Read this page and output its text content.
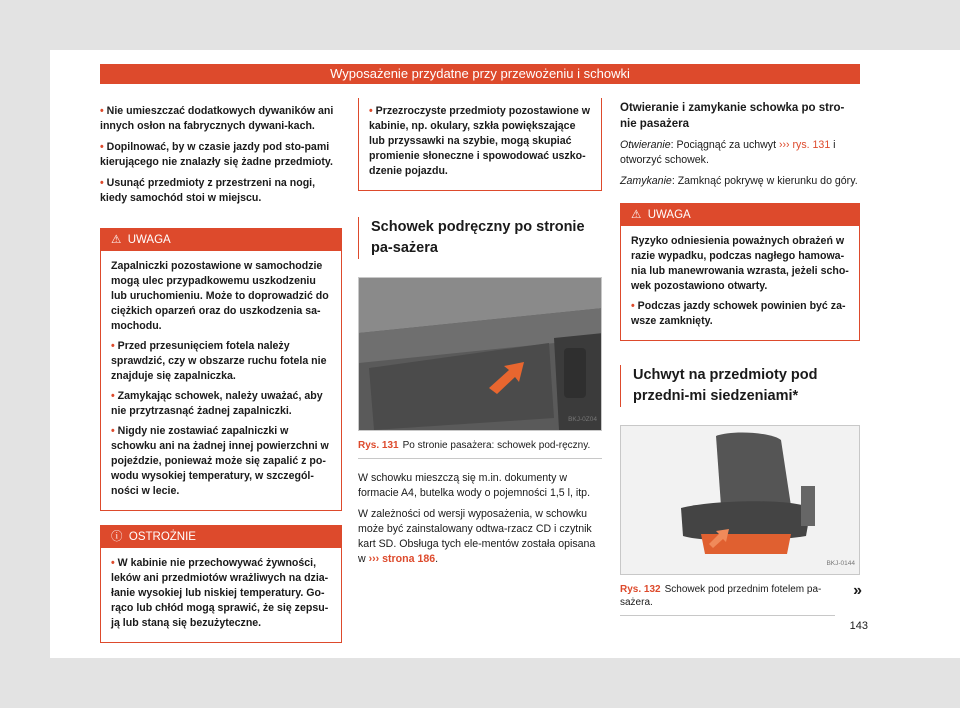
Wyposażenie przydatne przy przewożeniu i schowki

• Nie umieszczać dodatkowych dywaników ani innych osłon na fabrycznych dywani-kach.

• Dopilnować, by w czasie jazdy pod sto-pami kierującego nie znalazły się żadne przedmioty.

• Usunąć przedmioty z przestrzeni na nogi, kiedy samochód stoi w miejscu.

⚠ UWAGA

Zapalniczki pozostawione w samochodzie mogą ulec przypadkowemu uszkodzeniu lub uruchomieniu. Może to doprowadzić do ciężkich oparzeń oraz do uszkodzenia sa-mochodu.

• Przed przesunięciem fotela należy sprawdzić, czy w obszarze ruchu fotela nie znajduje się zapalniczka.

• Zamykając schowek, należy uważać, aby nie przytrzasnąć żadnej zapalniczki.

• Nigdy nie zostawiać zapalniczki w schowku ani na żadnej innej powierzchni w pojeździe, ponieważ może się zapalić z po-wodu wysokiej temperatury, w szczegól-ności w lecie.

ⓘ OSTROŻNIE

• W kabinie nie przechowywać żywności, leków ani przedmiotów wrażliwych na dzia-łanie wysokiej lub niskiej temperatury. Go-rąco lub chłód mogą sprawić, że się zepsu-ją lub staną się bezużyteczne.

• Przezroczyste przedmioty pozostawione w kabinie, np. okulary, szkła powiększające lub przyssawki na szybie, mogą skupiać promienie słoneczne i spowodować uszko-dzenie pojazdu.

Schowek podręczny po stronie pa-sażera
BKJ-0Z04
Rys. 131 Po stronie pasażera: schowek pod-ręczny.

W schowku mieszczą się m.in. dokumenty w formacie A4, butelka wody o pojemności 1,5 l, itp.

W zależności od wersji wyposażenia, w schowku może być zainstalowany odtwa-rzacz CD i czytnik kart SD. Obsługa tych ele-mentów została opisana w ››› strona 186.

Otwieranie i zamykanie schowka po stro-nie pasażera

Otwieranie: Pociągnąć za uchwyt ››› rys. 131 i otworzyć schowek.

Zamykanie: Zamknąć pokrywę w kierunku do góry.

⚠ UWAGA

Ryzyko odniesienia poważnych obrażeń w razie wypadku, podczas nagłego hamowa-nia lub manewrowania wzrasta, jeżeli scho-wek pozostawiono otwarty.

• Podczas jazdy schowek powinien być za-wsze zamknięty.

Uchwyt na przedmioty pod przedni-mi siedzeniami*
BKJ-0144
Rys. 132 Schowek pod przednim fotelem pa-sażera.
»
143
